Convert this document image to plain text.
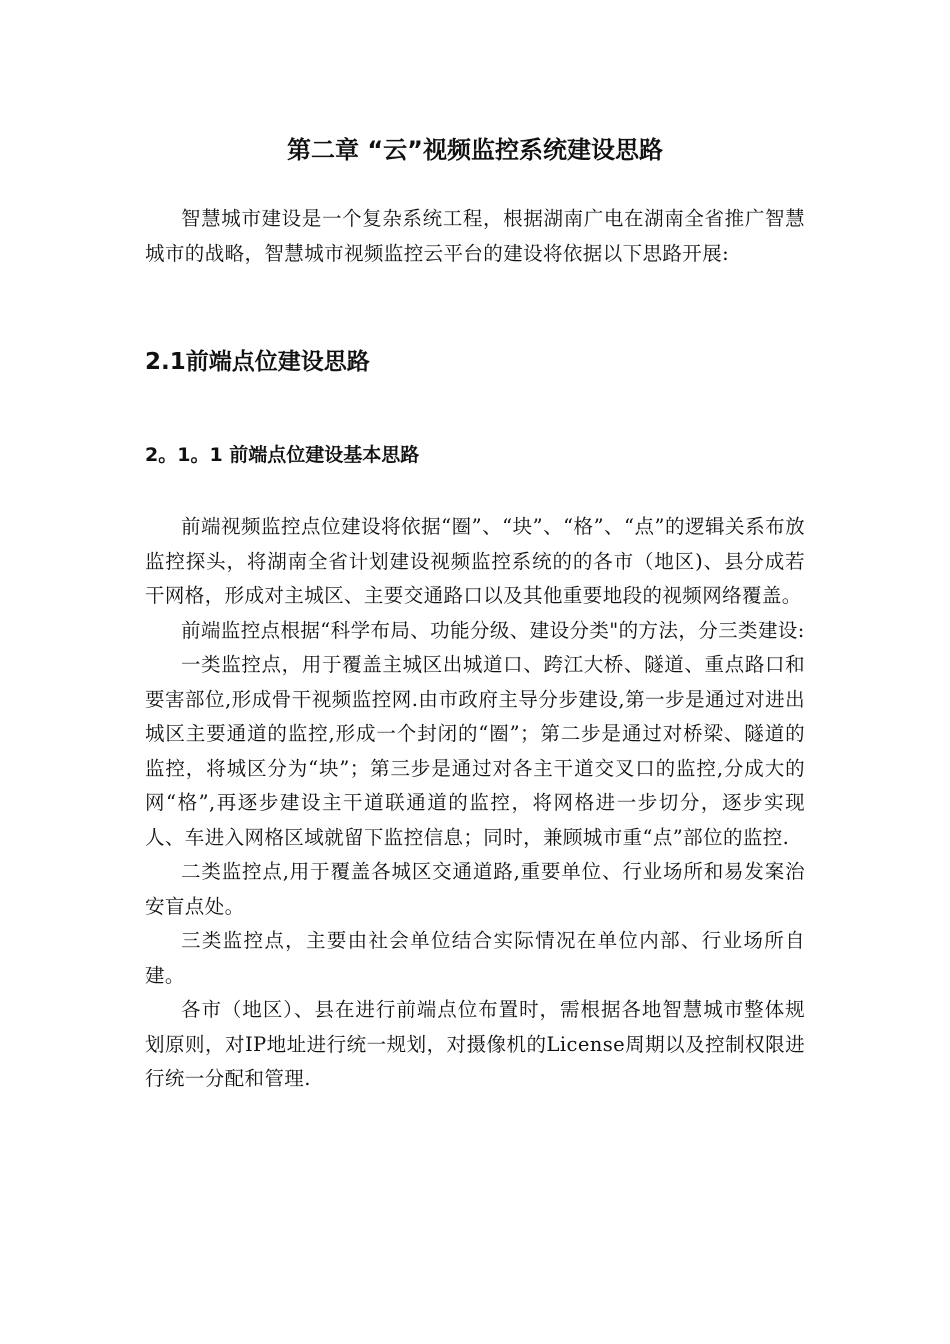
第二章 “云”视频监控系统建设思路

智慧城市建设是一个复杂系统工程，根据湖南广电在湖南全省推广智慧城市的战略，智慧城市视频监控云平台的建设将依据以下思路开展:

2.1前端点位建设思路
2。1。1 前端点位建设基本思路

前端视频监控点位建设将依据“圈”、“块”、“格”、“点”的逻辑关系布放监控探头，将湖南全省计划建设视频监控系统的的各市（地区)、县分成若干网格，形成对主城区、主要交通路口以及其他重要地段的视频网络覆盖。

前端监控点根据“科学布局、功能分级、建设分类"的方法，分三类建设:

一类监控点，用于覆盖主城区出城道口、跨江大桥、隧道、重点路口和要害部位,形成骨干视频监控网.由市政府主导分步建设,第一步是通过对进出城区主要通道的监控,形成一个封闭的“圈”；第二步是通过对桥梁、隧道的监控，将城区分为“块”；第三步是通过对各主干道交叉口的监控,分成大的网“格”,再逐步建设主干道联通道的监控，将网格进一步切分，逐步实现人、车进入网格区域就留下监控信息；同时，兼顾城市重“点”部位的监控.

二类监控点,用于覆盖各城区交通道路,重要单位、行业场所和易发案治安盲点处。

三类监控点，主要由社会单位结合实际情况在单位内部、行业场所自建。

各市（地区）、县在进行前端点位布置时，需根据各地智慧城市整体规划原则，对IP地址进行统一规划，对摄像机的License周期以及控制权限进行统一分配和管理.
